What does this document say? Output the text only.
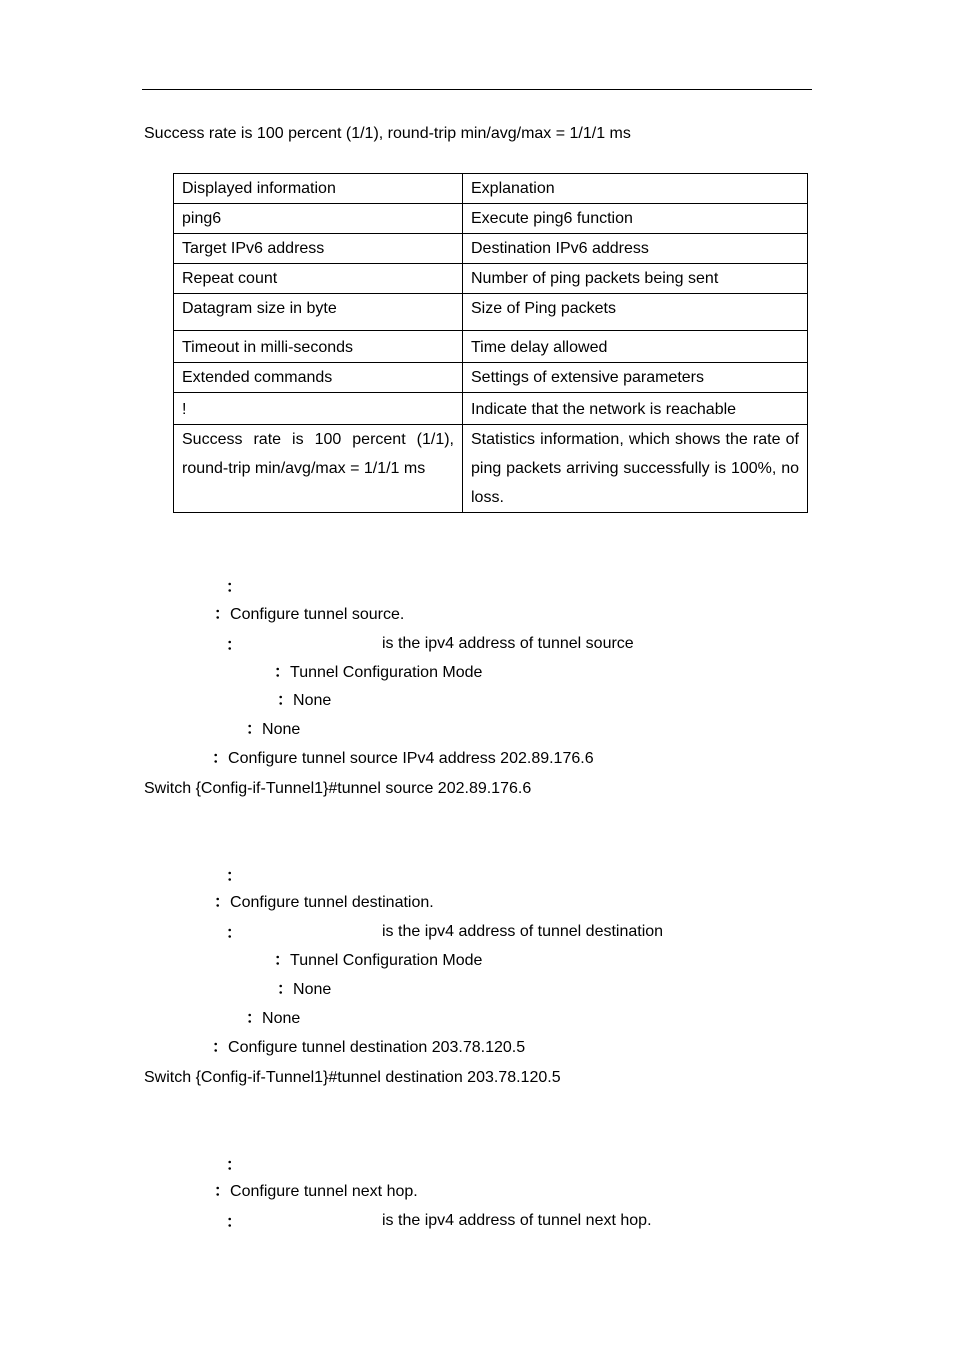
Success rate is 100 percent (1/1), round-trip min/avg/max = 1/1/1 ms
Displayed information	Explanation
ping6	Execute ping6 function
Target IPv6 address	Destination IPv6 address
Repeat count	Number of ping packets being sent
Datagram size in byte	Size of Ping packets
Timeout in milli-seconds	Time delay allowed
Extended commands	Settings of extensive parameters
!	Indicate that the network is reachable
Success rate is 100 percent (1/1), round-trip min/avg/max = 1/1/1 ms	Statistics information, which shows the rate of ping packets arriving successfully is 100%, no loss.
：
：Configure tunnel source.
：	is the ipv4 address of tunnel source
：Tunnel Configuration Mode
：None
：None
：Configure tunnel source IPv4 address 202.89.176.6
Switch {Config-if-Tunnel1}#tunnel source 202.89.176.6
：
：Configure tunnel destination.
：	is the ipv4 address of tunnel destination
：Tunnel Configuration Mode
：None
：None
：Configure tunnel destination 203.78.120.5
Switch {Config-if-Tunnel1}#tunnel destination 203.78.120.5
：
：Configure tunnel next hop.
：	is the ipv4 address of tunnel next hop.
